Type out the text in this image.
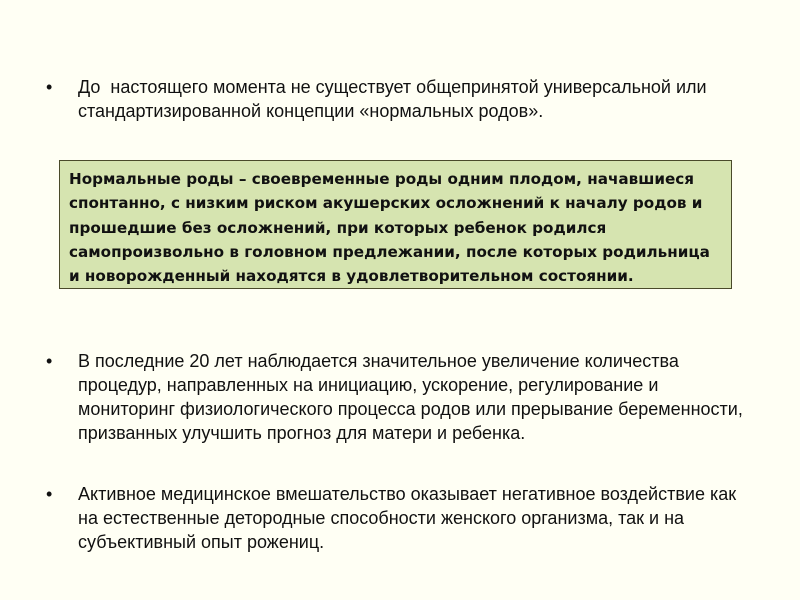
•	До  настоящего момента не существует общепринятой универсальной или стандартизированной концепции «нормальных родов».
Нормальные роды – своевременные роды одним плодом, начавшиеся спонтанно, с низким риском акушерских осложнений к началу родов и прошедшие без осложнений, при которых ребенок родился самопроизвольно в головном предлежании, после которых родильница и новорожденный находятся в удовлетворительном состоянии.
•	В последние 20 лет наблюдается значительное увеличение количества процедур, направленных на инициацию, ускорение, регулирование и мониторинг физиологического процесса родов или прерывание беременности, призванных улучшить прогноз для матери и ребенка.
•	Активное медицинское вмешательство оказывает негативное воздействие как на естественные детородные способности женского организма, так и на субъективный опыт рожениц.
